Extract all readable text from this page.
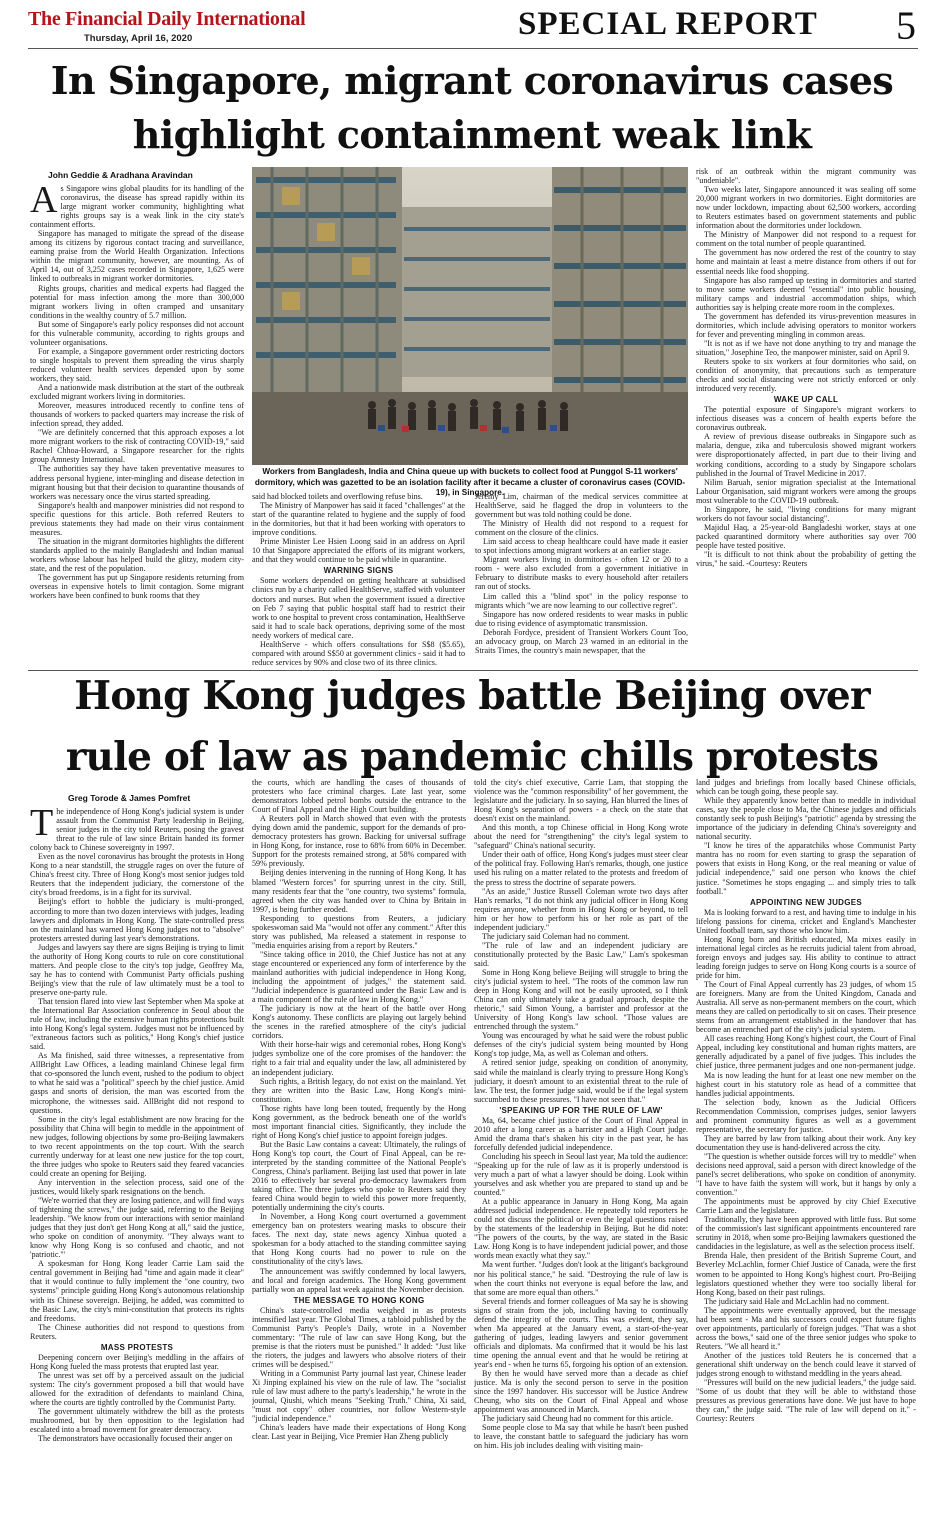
The Financial Daily International
Thursday, April 16, 2020	SPECIAL REPORT 5
In Singapore, migrant coronavirus cases
highlight containment weak link
John Geddie & Aradhana Aravindan
A s Singapore wins global plaudits for its handling of the coronavirus, the disease has spread rapidly within its large migrant worker community, highlighting what rights groups say is a weak link in the city state's containment efforts.

Singapore has managed to mitigate the spread of the disease among its citizens by rigorous contact tracing and surveillance, earning praise from the World Health Organization. Infections within the migrant community, however, are mounting. As of April 14, out of 3,252 cases recorded in Singapore, 1,625 were linked to outbreaks in migrant worker dormitories.

Rights groups, charities and medical experts had flagged the potential for mass infection among the more than 300,000 migrant workers living in often cramped and unsanitary conditions in the wealthy country of 5.7 million.

But some of Singapore's early policy responses did not account for this vulnerable community, according to rights groups and volunteer organisations.

For example, a Singapore government order restricting doctors to single hospitals to prevent them spreading the virus sharply reduced volunteer health services depended upon by some workers, they said.

And a nationwide mask distribution at the start of the outbreak excluded migrant workers living in dormitories.

Moreover, measures introduced recently to confine tens of thousands of workers to packed quarters may increase the risk of infection spread, they added.

"We are definitely concerned that this approach exposes a lot more migrant workers to the risk of contracting COVID-19," said Rachel Chhoa-Howard, a Singapore researcher for the rights group Amnesty International.

The authorities say they have taken preventative measures to address personal hygiene, inter-mingling and disease detection in migrant housing but that their decision to quarantine thousands of workers was necessary once the virus started spreading.

Singapore's health and manpower ministries did not respond to specific questions for this article. Both referred Reuters to previous statements they had made on their virus containment measures.

The situation in the migrant dormitories highlights the different standards applied to the mainly Bangladeshi and Indian manual workers whose labour has helped build the glitzy, modern city-state, and the rest of the population.

The government has put up Singapore residents returning from overseas in expensive hotels to limit contagion. Some migrant workers have been confined to bunk rooms that they

Workers from Bangladesh, India and China queue up with buckets to collect food at Punggol S-11 workers' dormitory, which was gazetted to be an isolation facility after it became a cluster of coronavirus cases (COVID-19), in Singapore.

said had blocked toilets and overflowing refuse bins.

The Ministry of Manpower has said it faced "challenges" at the start of the quarantine related to hygiene and the supply of food in the dormitories, but that it had been working with operators to improve conditions.

Prime Minister Lee Hsien Loong said in an address on April 10 that Singapore appreciated the efforts of its migrant workers, and that they would continue to be paid while in quarantine.

WARNING SIGNS

Some workers depended on getting healthcare at subsidised clinics run by a charity called HealthServe, staffed with volunteer doctors and nurses. But when the government issued a directive on Feb 7 saying that public hospital staff had to restrict their work to one hospital to prevent cross contamination, HealthServe said it had to scale back operations, depriving some of the most needy workers of medical care.

HealthServe - which offers consultations for S$8 ($5.65), compared with around S$50 at government clinics - said it had to reduce services by 90% and close two of its three clinics.

Jeremy Lim, chairman of the medical services committee at HealthServe, said he flagged the drop in volunteers to the government but was told nothing could be done.

The Ministry of Health did not respond to a request for comment on the closure of the clinics.

Lim said access to cheap healthcare could have made it easier to spot infections among migrant workers at an earlier stage.

Migrant workers living in dormitories - often 12 or 20 to a room - were also excluded from a government initiative in February to distribute masks to every household after retailers ran out of stocks.

Lim called this a "blind spot" in the policy response to migrants which "we are now learning to our collective regret".

Singapore has now ordered residents to wear masks in public due to rising evidence of asymptomatic transmission.

Deborah Fordyce, president of Transient Workers Count Too, an advocacy group, on March 23 warned in an editorial in the Straits Times, the country's main newspaper, that the

risk of an outbreak within the migrant community was "undeniable".

Two weeks later, Singapore announced it was sealing off some 20,000 migrant workers in two dormitories. Eight dormitories are now under lockdown, impacting about 62,500 workers, according to Reuters estimates based on government statements and public information about the dormitories under lockdown.

The Ministry of Manpower did not respond to a request for comment on the total number of people quarantined.

The government has now ordered the rest of the country to stay home and maintain at least a metre distance from others if out for essential needs like food shopping.

Singapore has also ramped up testing in dormitories and started to move some workers deemed "essential" into public housing, military camps and industrial accommodation ships, which authorities say is helping create more room in the complexes.

The government has defended its virus-prevention measures in dormitories, which include advising operators to monitor workers for fever and preventing mingling in common areas.

"It is not as if we have not done anything to try and manage the situation," Josephine Teo, the manpower minister, said on April 9.

Reuters spoke to six workers at four dormitories who said, on condition of anonymity, that precautions such as temperature checks and social distancing were not strictly enforced or only introduced very recently.

WAKE UP CALL

The potential exposure of Singapore's migrant workers to infectious diseases was a concern of health experts before the coronavirus outbreak.

A review of previous disease outbreaks in Singapore such as malaria, dengue, zika and tuberculosis showed migrant workers were disproportionately affected, in part due to their living and working conditions, according to a study by Singapore scholars published in the Journal of Travel Medicine in 2017.

Nilim Baruah, senior migration specialist at the International Labour Organisation, said migrant workers were among the groups most vulnerable to the COVID-19 outbreak.

In Singapore, he said, "living conditions for many migrant workers do not favour social distancing".

Majidul Haq, a 25-year-old Bangladeshi worker, stays at one packed quarantined dormitory where authorities say over 700 people have tested positive.

"It is difficult to not think about the probability of getting the virus," he said. -Courtesy: Reuters

Hong Kong judges battle Beijing over
rule of law as pandemic chills protests
Greg Torode & James Pomfret
T he independence of Hong Kong's judicial system is under assault from the Communist Party leadership in Beijing, senior judges in the city told Reuters, posing the gravest threat to the rule of law since Britain handed its former colony back to Chinese sovereignty in 1997.

Even as the novel coronavirus has brought the protests in Hong Kong to a near standstill, the struggle rages on over the future of China's freest city. Three of Hong Kong's most senior judges told Reuters that the independent judiciary, the cornerstone of the city's broad freedoms, is in a fight for its survival.

Beijing's effort to hobble the judiciary is multi-pronged, according to more than two dozen interviews with judges, leading lawyers and diplomats in Hong Kong. The state-controlled press on the mainland has warned Hong Kong judges not to "absolve" protesters arrested during last year's demonstrations.

Judges and lawyers say there are signs Beijing is trying to limit the authority of Hong Kong courts to rule on core constitutional matters. And people close to the city's top judge, Geoffrey Ma, say he has to contend with Communist Party officials pushing Beijing's view that the rule of law ultimately must be a tool to preserve one-party rule.

That tension flared into view last September when Ma spoke at the International Bar Association conference in Seoul about the rule of law, including the extensive human rights protections built into Hong Kong's legal system. Judges must not be influenced by "extraneous factors such as politics," Hong Kong's chief justice said.

As Ma finished, said three witnesses, a representative from AllBright Law Offices, a leading mainland Chinese legal firm that co-sponsored the lunch event, rushed to the podium to object to what he said was a "political" speech by the chief justice. Amid gasps and snorts of derision, the man was escorted from the microphone, the witnesses said. AllBright did not respond to questions.

Some in the city's legal establishment are now bracing for the possibility that China will begin to meddle in the appointment of new judges, following objections by some pro-Beijing lawmakers to two recent appointments on the top court. With the search currently underway for at least one new justice for the top court, the three judges who spoke to Reuters said they feared vacancies could create an opening for Beijing.

Any intervention in the selection process, said one of the justices, would likely spark resignations on the bench.

"We're worried that they are losing patience, and will find ways of tightening the screws," the judge said, referring to the Beijing leadership. "We know from our interactions with senior mainland judges that they just don't get Hong Kong at all," said the justice, who spoke on condition of anonymity. "They always want to know why Hong Kong is so confused and chaotic, and not 'patriotic.'"

A spokesman for Hong Kong leader Carrie Lam said the central government in Beijing had "time and again made it clear" that it would continue to fully implement the "one country, two systems" principle guiding Hong Kong's autonomous relationship with its Chinese sovereign. Beijing, he added, was committed to the Basic Law, the city's mini-constitution that protects its rights and freedoms.

The Chinese authorities did not respond to questions from Reuters.

MASS PROTESTS

Deepening concern over Beijing's meddling in the affairs of Hong Kong fueled the mass protests that erupted last year.

The unrest was set off by a perceived assault on the judicial system: The city's government proposed a bill that would have allowed for the extradition of defendants to mainland China, where the courts are tightly controlled by the Communist Party.

The government ultimately withdrew the bill as the protests mushroomed, but by then opposition to the legislation had escalated into a broad movement for greater democracy.

The demonstrators have occasionally focused their anger on

the courts, which are handling the cases of thousands of protesters who face criminal charges. Late last year, some demonstrators lobbed petrol bombs outside the entrance to the Court of Final Appeal and the High Court building.

A Reuters poll in March showed that even with the protests dying down amid the pandemic, support for the demands of pro-democracy protesters has grown. Backing for universal suffrage in Hong Kong, for instance, rose to 68% from 60% in December. Support for the protests remained strong, at 58% compared with 59% previously.

Beijing denies intervening in the running of Hong Kong. It has blamed "Western forces" for spurring unrest in the city. Still, many residents fear that the "one country, two systems" formula, agreed when the city was handed over to China by Britain in 1997, is being further eroded.

Responding to questions from Reuters, a judiciary spokeswoman said Ma "would not offer any comment." After this story was published, Ma released a statement in response to "media enquiries arising from a report by Reuters."

"Since taking office in 2010, the Chief Justice has not at any stage encountered or experienced any form of interference by the mainland authorities with judicial independence in Hong Kong, including the appointment of judges," the statement said. "Judicial independence is guaranteed under the Basic Law and is a main component of the rule of law in Hong Kong."

The judiciary is now at the heart of the battle over Hong Kong's autonomy. These conflicts are playing out largely behind the scenes in the rarefied atmosphere of the city's judicial corridors.

With their horse-hair wigs and ceremonial robes, Hong Kong's judges symbolize one of the core promises of the handover: the right to a fair trial and equality under the law, all administered by an independent judiciary.

Such rights, a British legacy, do not exist on the mainland. Yet they are written into the Basic Law, Hong Kong's mini-constitution.

Those rights have long been touted, frequently by the Hong Kong government, as the bedrock beneath one of the world's most important financial cities. Significantly, they include the right of Hong Kong's chief justice to appoint foreign judges.

But the Basic Law contains a caveat: Ultimately, the rulings of Hong Kong's top court, the Court of Final Appeal, can be re-interpreted by the standing committee of the National People's Congress, China's parliament. Beijing last used that power in late 2016 to effectively bar several pro-democracy lawmakers from taking office. The three judges who spoke to Reuters said they feared China would begin to wield this power more frequently, potentially undermining the city's courts.

In November, a Hong Kong court overturned a government emergency ban on protesters wearing masks to obscure their faces. The next day, state news agency Xinhua quoted a spokesman for a body attached to the standing committee saying that Hong Kong courts had no power to rule on the constitutionality of the city's laws.

The announcement was swiftly condemned by local lawyers, and local and foreign academics. The Hong Kong government partially won an appeal last week against the November decision.

THE MESSAGE TO HONG KONG

China's state-controlled media weighed in as protests intensified last year. The Global Times, a tabloid published by the Communist Party's People's Daily, wrote in a November commentary: "The rule of law can save Hong Kong, but the premise is that the rioters must be punished." It added: "Just like the rioters, the judges and lawyers who absolve rioters of their crimes will be despised."

Writing in a Communist Party journal last year, Chinese leader Xi Jinping explained his view on the rule of law. The "socialist rule of law must adhere to the party's leadership," he wrote in the journal, Qiushi, which means "Seeking Truth." China, Xi said, "must not copy" other countries, nor follow Western-style "judicial independence."

China's leaders have made their expectations of Hong Kong clear. Last year in Beijing, Vice Premier Han Zheng publicly

told the city's chief executive, Carrie Lam, that stopping the violence was the "common responsibility" of her government, the legislature and the judiciary. In so saying, Han blurred the lines of Hong Kong's separation of powers - a check on the state that doesn't exist on the mainland.

And this month, a top Chinese official in Hong Kong wrote about the need for "strengthening" the city's legal system to "safeguard" China's national security.

Under their oath of office, Hong Kong's judges must steer clear of the political fray. Following Han's remarks, though, one justice used his ruling on a matter related to the protests and freedom of the press to stress the doctrine of separate powers.

"As an aside," Justice Russell Coleman wrote two days after Han's remarks, "I do not think any judicial officer in Hong Kong requires anyone, whether from in Hong Kong or beyond, to tell him or her how to perform his or her role as part of the independent judiciary."

The judiciary said Coleman had no comment.

"The rule of law and an independent judiciary are constitutionally protected by the Basic Law," Lam's spokesman said.

Some in Hong Kong believe Beijing will struggle to bring the city's judicial system to heel. "The roots of the common law run deep in Hong Kong and will not be easily uprooted, so I think China can only ultimately take a gradual approach, despite the rhetoric," said Simon Young, a barrister and professor at the University of Hong Kong's law school. "Those values are entrenched through the system."

Young was encouraged by what he said were the robust public defenses of the city's judicial system being mounted by Hong Kong's top judge, Ma, as well as Coleman and others.

A retired senior judge, speaking on condition of anonymity, said while the mainland is clearly trying to pressure Hong Kong's judiciary, it doesn't amount to an existential threat to the rule of law. The test, the former judge said, would be if the legal system succumbed to these pressures. "I have not seen that."

'SPEAKING UP FOR THE RULE OF LAW'

Ma, 64, became chief justice of the Court of Final Appeal in 2010 after a long career as a barrister and a High Court judge. Amid the drama that's shaken his city in the past year, he has forcefully defended judicial independence.

Concluding his speech in Seoul last year, Ma told the audience: "Speaking up for the rule of law as it is properly understood is very much a part of what a lawyer should be doing. Look within yourselves and ask whether you are prepared to stand up and be counted."

At a public appearance in January in Hong Kong, Ma again addressed judicial independence. He repeatedly told reporters he could not discuss the political or even the legal questions raised by the statements of the leadership in Beijing. But he did note: "The powers of the courts, by the way, are stated in the Basic Law. Hong Kong is to have independent judicial power, and those words mean exactly what they say."

Ma went further. "Judges don't look at the litigant's background nor his political stance," he said. "Destroying the rule of law is when the court thinks not everyone is equal before the law, and that some are more equal than others."

Several friends and former colleagues of Ma say he is showing signs of strain from the job, including having to continually defend the integrity of the courts. This was evident, they say, when Ma appeared at the January event, a start-of-the-year gathering of judges, leading lawyers and senior government officials and diplomats. Ma confirmed that it would be his last time opening the annual event and that he would be retiring at year's end - when he turns 65, forgoing his option of an extension.

By then he would have served more than a decade as chief justice. Ma is only the second person to serve in the position since the 1997 handover. His successor will be Justice Andrew Cheung, who sits on the Court of Final Appeal and whose appointment was announced in March.

The judiciary said Cheung had no comment for this article.

Some people close to Ma say that while he hasn't been pushed to leave, the constant battle to safeguard the judiciary has worn on him. His job includes dealing with visiting main-

land judges and briefings from locally based Chinese officials, which can be tough going, these people say.

While they apparently know better than to meddle in individual cases, say the people close to Ma, the Chinese judges and officials constantly seek to push Beijing's "patriotic" agenda by stressing the importance of the judiciary in defending China's sovereignty and national security.

"I know he tires of the apparatchiks whose Communist Party mantra has no room for even starting to grasp the separation of powers that exists in Hong Kong, or the real meaning or value of judicial independence," said one person who knows the chief justice. "Sometimes he stops engaging ... and simply tries to talk football."

APPOINTING NEW JUDGES

Ma is looking forward to a rest, and having time to indulge in his lifelong passions for cinema, cricket and England's Manchester United football team, say those who know him.

Hong Kong born and British educated, Ma mixes easily in international legal circles as he recruits judicial talent from abroad, foreign envoys and judges say. His ability to continue to attract leading foreign judges to serve on Hong Kong courts is a source of pride for him.

The Court of Final Appeal currently has 23 judges, of whom 15 are foreigners. Many are from the United Kingdom, Canada and Australia. All serve as non-permanent members on the court, which means they are called on periodically to sit on cases. Their presence stems from an arrangement established in the handover that has become an entrenched part of the city's judicial system.

All cases reaching Hong Kong's highest court, the Court of Final Appeal, including key constitutional and human rights matters, are generally adjudicated by a panel of five judges. This includes the chief justice, three permanent judges and one non-permanent judge.

Ma is now leading the hunt for at least one new member on the highest court in his statutory role as head of a committee that handles judicial appointments.

The selection body, known as the Judicial Officers Recommendation Commission, comprises judges, senior lawyers and prominent community figures as well as a government representative, the secretary for justice.

They are barred by law from talking about their work. Any key documentation they use is hand-delivered across the city.

"The question is whether outside forces will try to meddle" when decisions need approval, said a person with direct knowledge of the panel's secret deliberations, who spoke on condition of anonymity. "I have to have faith the system will work, but it hangs by only a convention."

The appointments must be approved by city Chief Executive Carrie Lam and the legislature.

Traditionally, they have been approved with little fuss. But some of the commission's last significant appointments encountered rare scrutiny in 2018, when some pro-Beijing lawmakers questioned the candidacies in the legislature, as well as the selection process itself.

Brenda Hale, then president of the British Supreme Court, and Beverley McLachlin, former Chief Justice of Canada, were the first women to be appointed to Hong Kong's highest court. Pro-Beijing legislators questioned whether they were too socially liberal for Hong Kong, based on their past rulings.

The judiciary said Hale and McLachlin had no comment.

The appointments were eventually approved, but the message had been sent - Ma and his successors could expect future fights over appointments, particularly of foreign judges. "That was a shot across the bows," said one of the three senior judges who spoke to Reuters. "We all heard it."

Another of the justices told Reuters he is concerned that a generational shift underway on the bench could leave it starved of judges strong enough to withstand meddling in the years ahead.

"Pressures will build on the new judicial leaders," the judge said. "Some of us doubt that they will be able to withstand those pressures as previous generations have done. We just have to hope they can," the judge said. "The rule of law will depend on it." -Courtesy: Reuters
